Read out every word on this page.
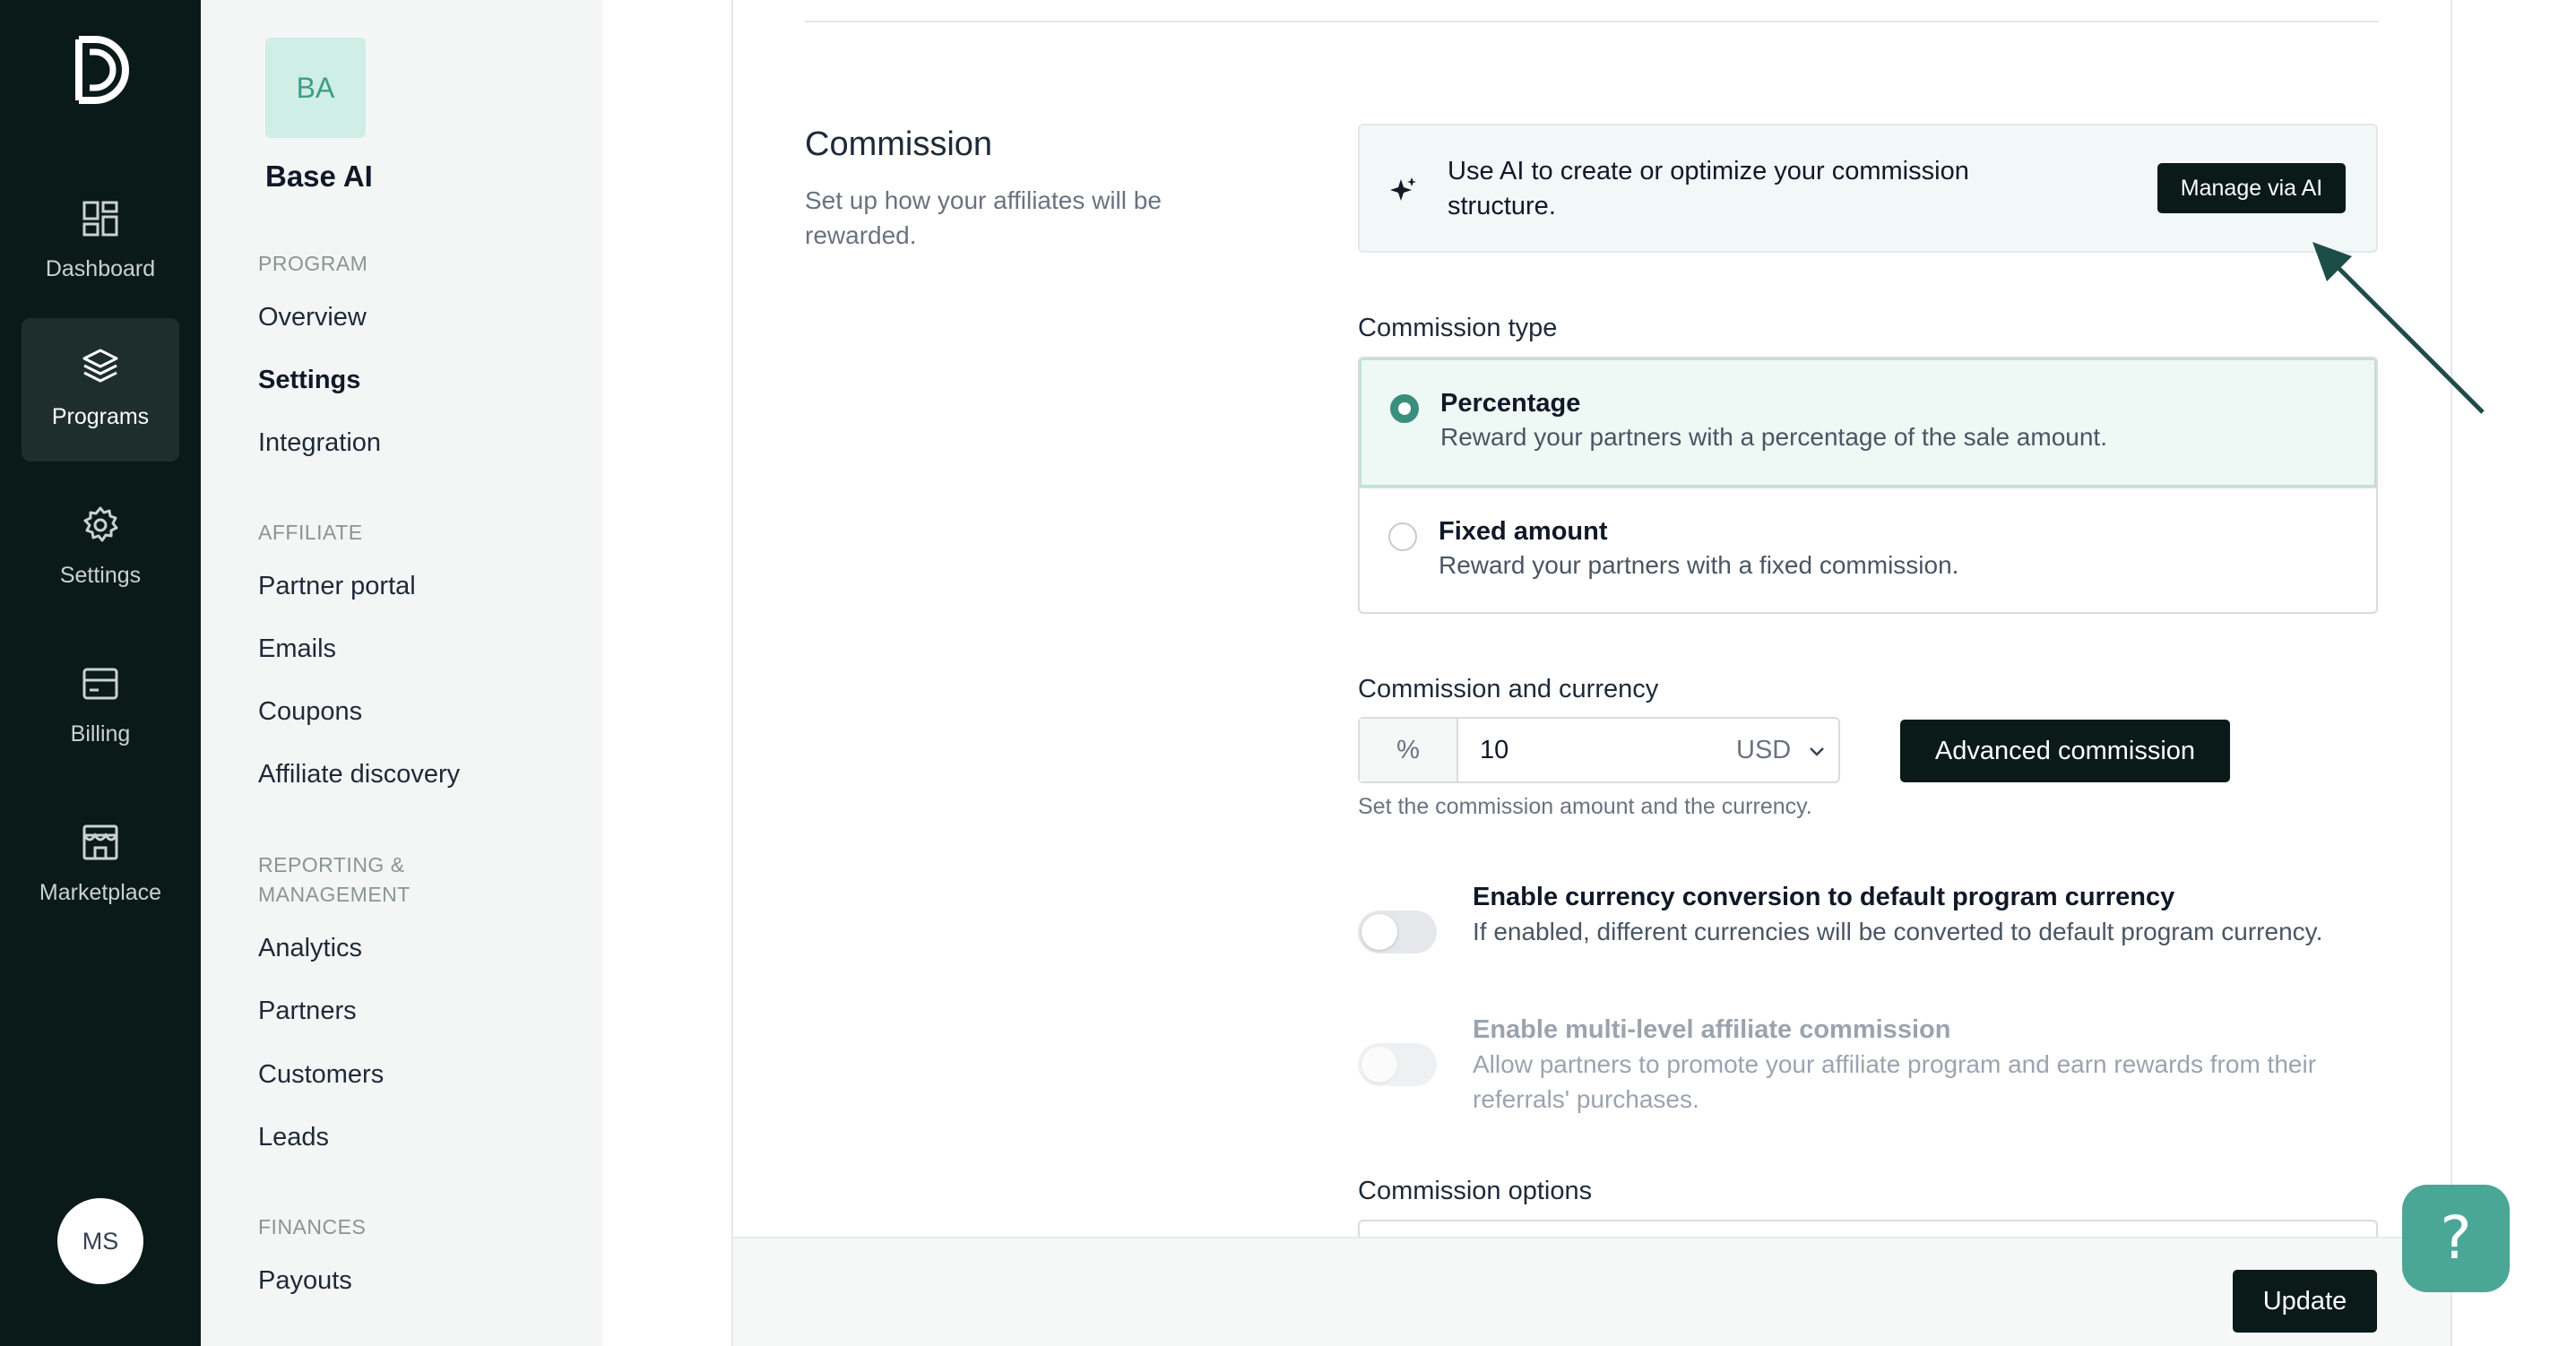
Dashboard
Programs
Settings
Billing
Marketplace
MS
BA
Base AI
PROGRAM
Overview
Settings
Integration
AFFILIATE
Partner portal
Emails
Coupons
Affiliate discovery
REPORTING &
MANAGEMENT
Analytics
Partners
Customers
Leads
FINANCES
Payouts
Commission
Set up how your affiliates will be rewarded.
Use AI to create or optimize your commission structure.
Manage via AI
Commission type
Percentage
Reward your partners with a percentage of the sale amount.
Fixed amount
Reward your partners with a fixed commission.
Commission and currency
%
10	USD	Advanced commission
Set the commission amount and the currency.
Enable currency conversion to default program currency
If enabled, different currencies will be converted to default program currency.
Enable multi-level affiliate commission
Allow partners to promote your affiliate program and earn rewards from their referrals' purchases.
Commission options
Update
?
